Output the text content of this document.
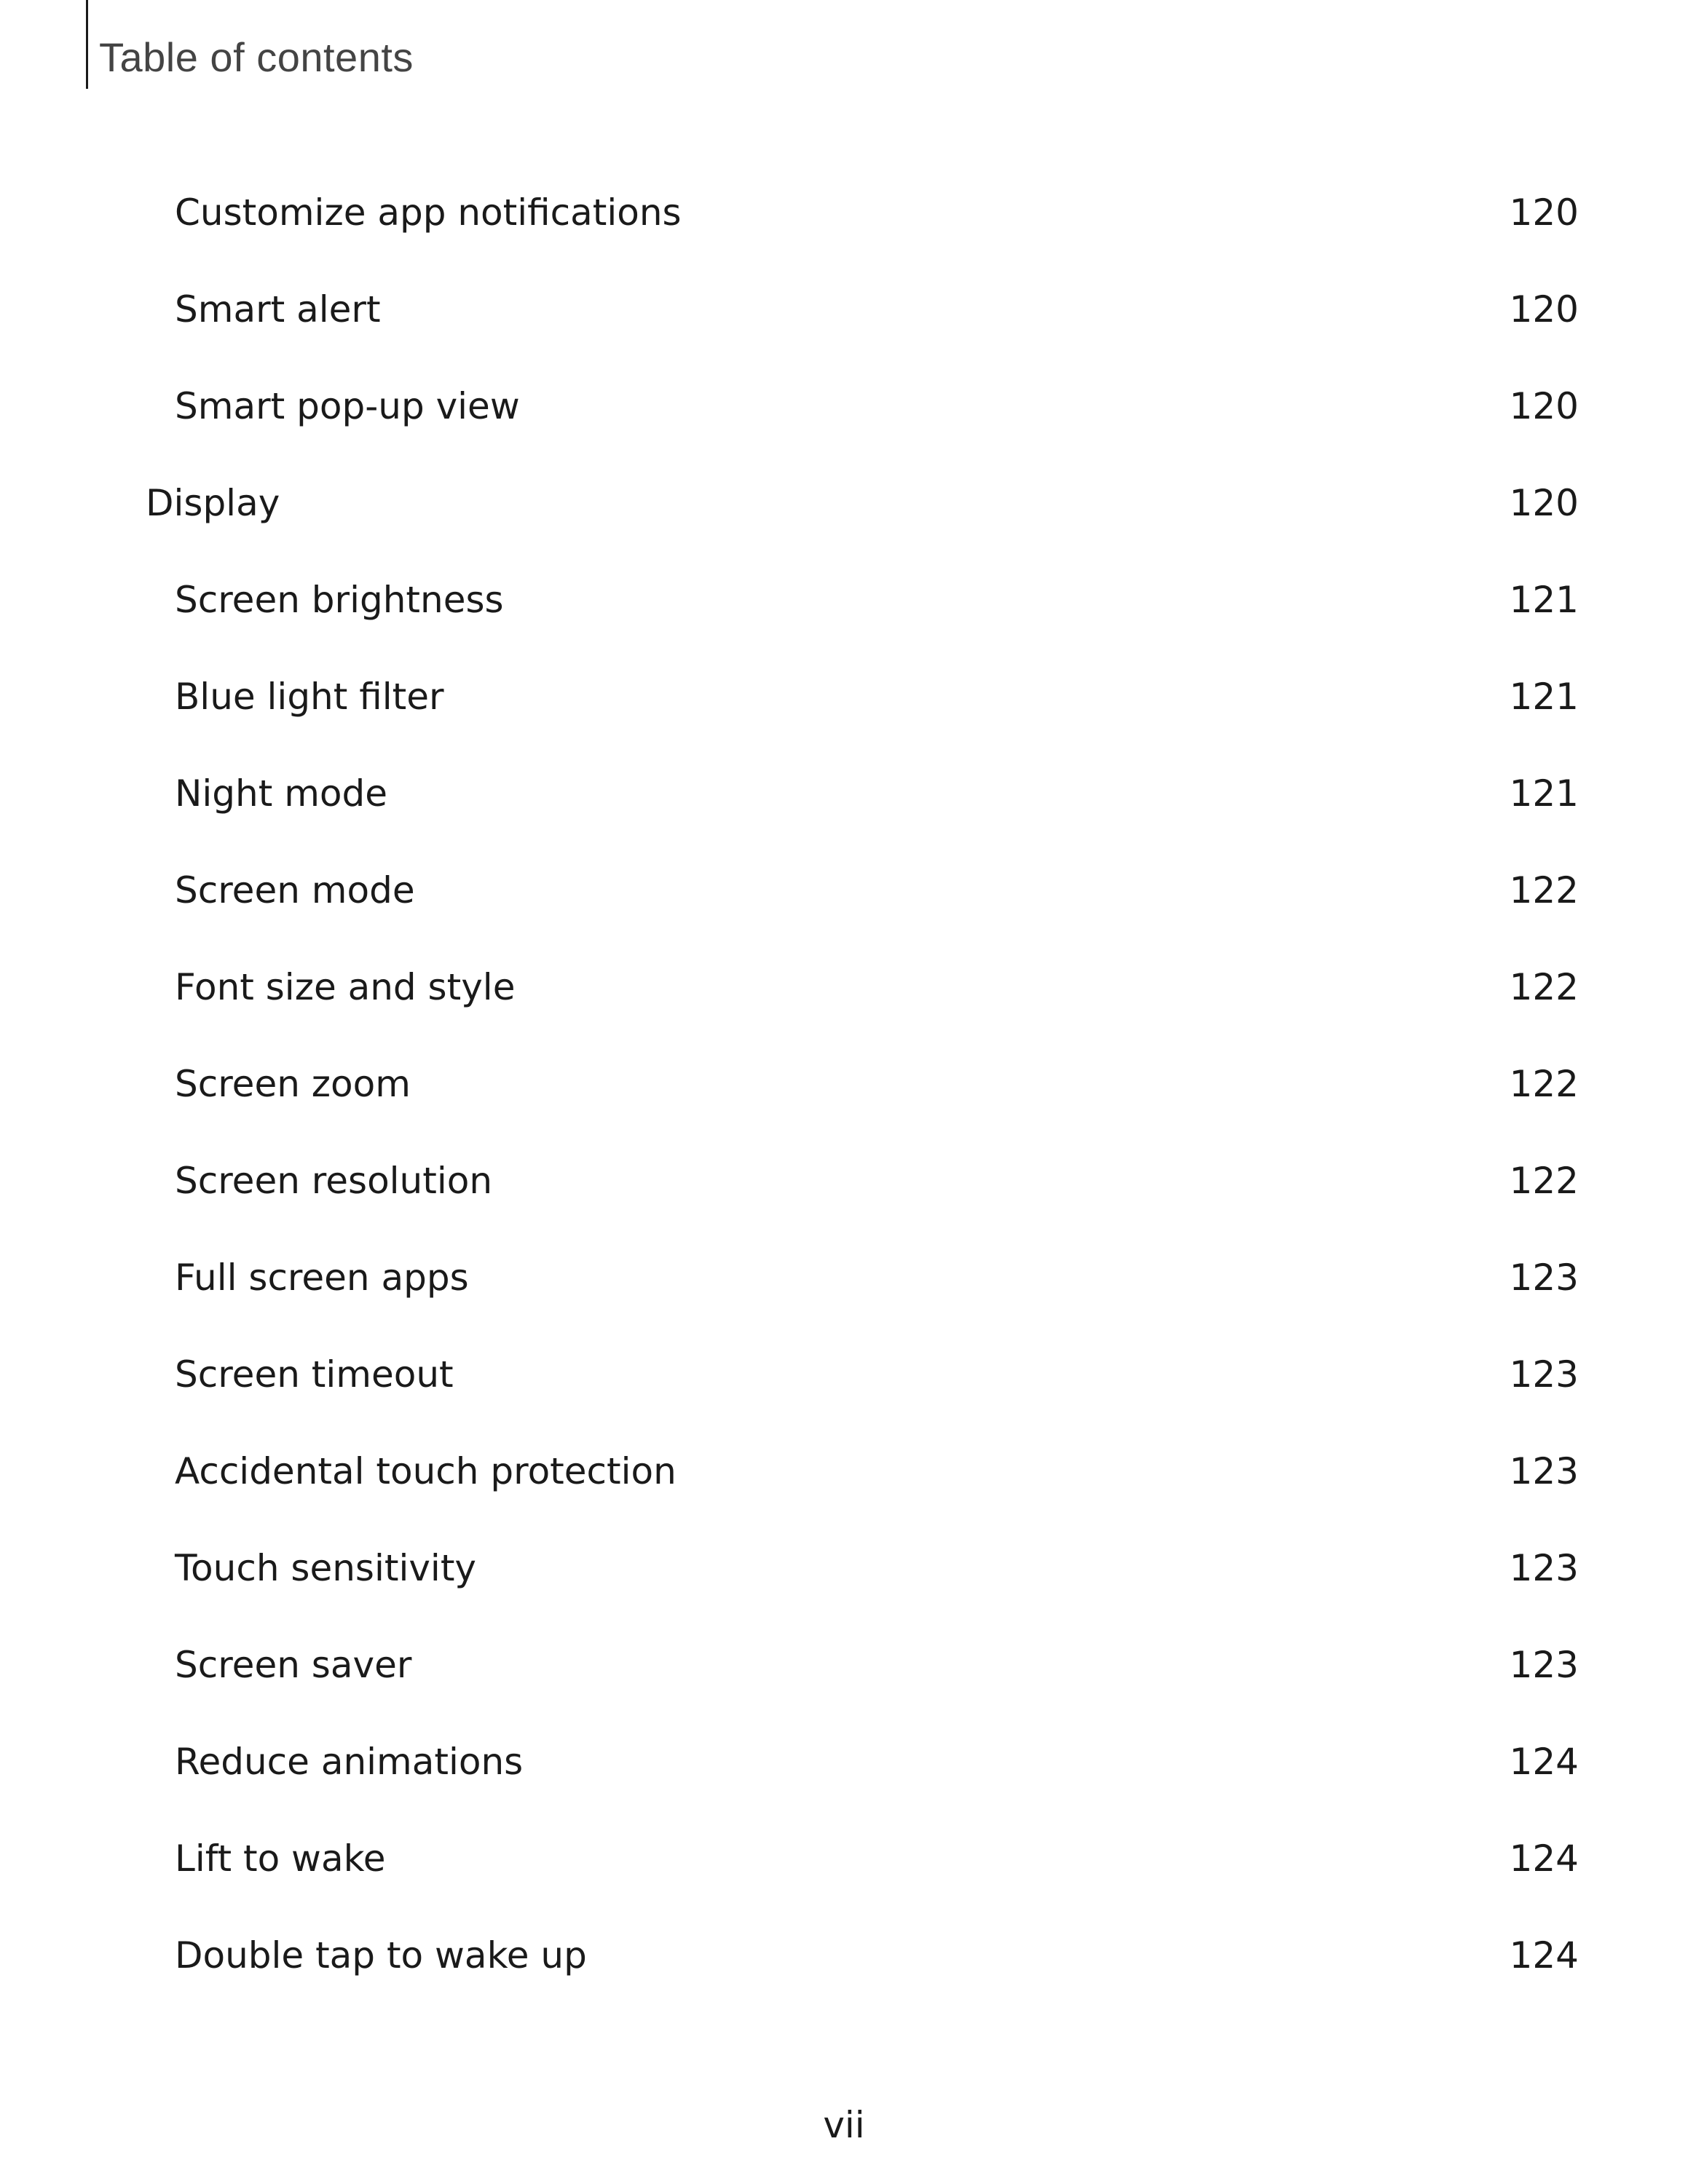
Table of contents
Customize app notifications	120
Smart alert	120
Smart pop-up view	120
Display	120
Screen brightness	121
Blue light filter	121
Night mode	121
Screen mode	122
Font size and style	122
Screen zoom	122
Screen resolution	122
Full screen apps	123
Screen timeout	123
Accidental touch protection	123
Touch sensitivity	123
Screen saver	123
Reduce animations	124
Lift to wake	124
Double tap to wake up	124
vii
